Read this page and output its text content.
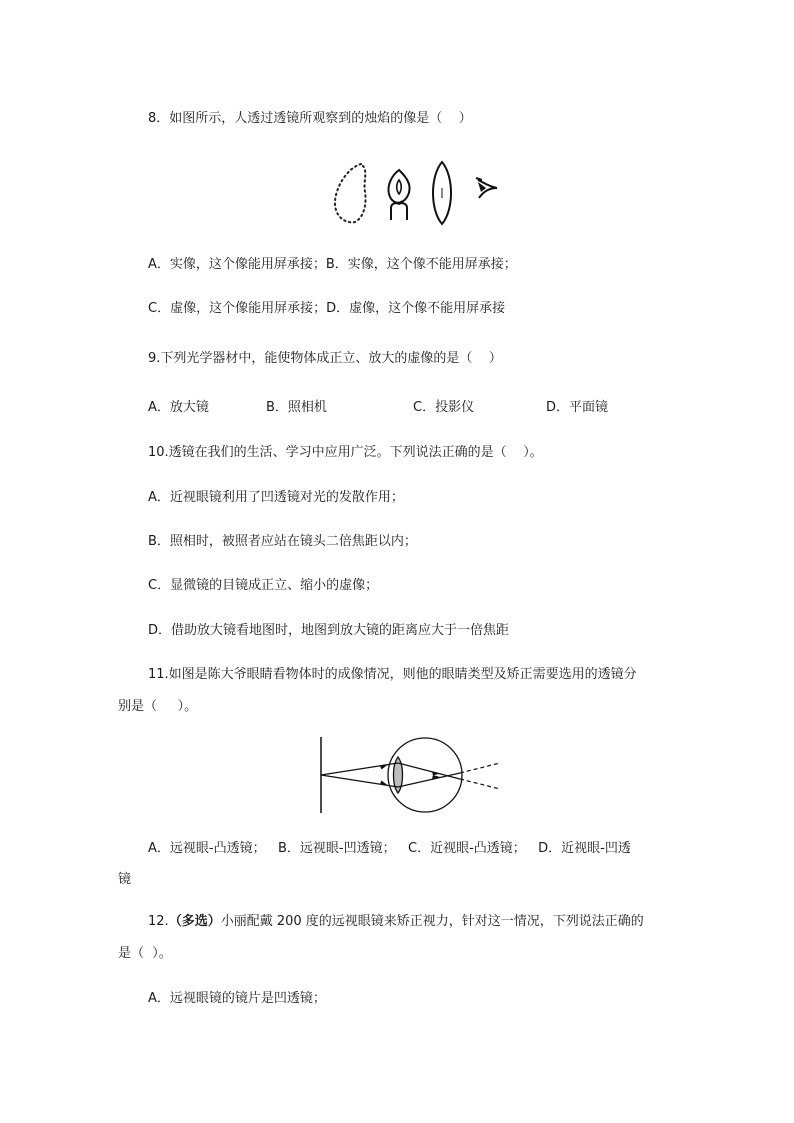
8．如图所示，人透过透镜所观察到的烛焰的像是（    ）
A．实像，这个像能用屏承接；B．实像，这个像不能用屏承接；
C．虚像，这个像能用屏承接；D．虚像，这个像不能用屏承接
9.下列光学器材中，能使物体成正立、放大的虚像的是（    ）
A．放大镜	B．照相机	C．投影仪	D．平面镜
10.透镜在我们的生活、学习中应用广泛。下列说法正确的是（    ）。
A．近视眼镜利用了凹透镜对光的发散作用；
B．照相时，被照者应站在镜头二倍焦距以内；
C．显微镜的目镜成正立、缩小的虚像；
D．借助放大镜看地图时，地图到放大镜的距离应大于一倍焦距
11.如图是陈大爷眼睛看物体时的成像情况，则他的眼睛类型及矫正需要选用的透镜分
别是（     ）。
A．远视眼-凸透镜；   B．远视眼-凹透镜；   C．近视眼-凸透镜；   D．近视眼-凹透
镜
12.（多选）小丽配戴 200 度的远视眼镜来矫正视力，针对这一情况，下列说法正确的
是（  ）。
A．远视眼镜的镜片是凹透镜；
